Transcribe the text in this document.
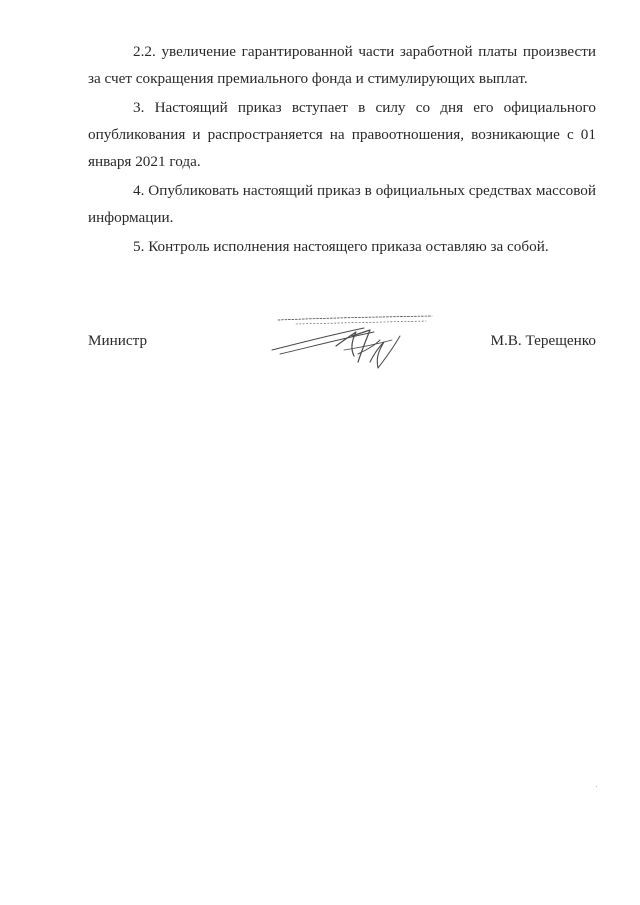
2.2. увеличение гарантированной части заработной платы произвести за счет сокращения премиального фонда и стимулирующих выплат.

3. Настоящий приказ вступает в силу со дня его официального опубликования и распространяется на правоотношения, возникающие с 01 января 2021 года.

4. Опубликовать настоящий приказ в официальных средствах массовой информации.

5. Контроль исполнения настоящего приказа оставляю за собой.

Министр	М.В. Терещенко
